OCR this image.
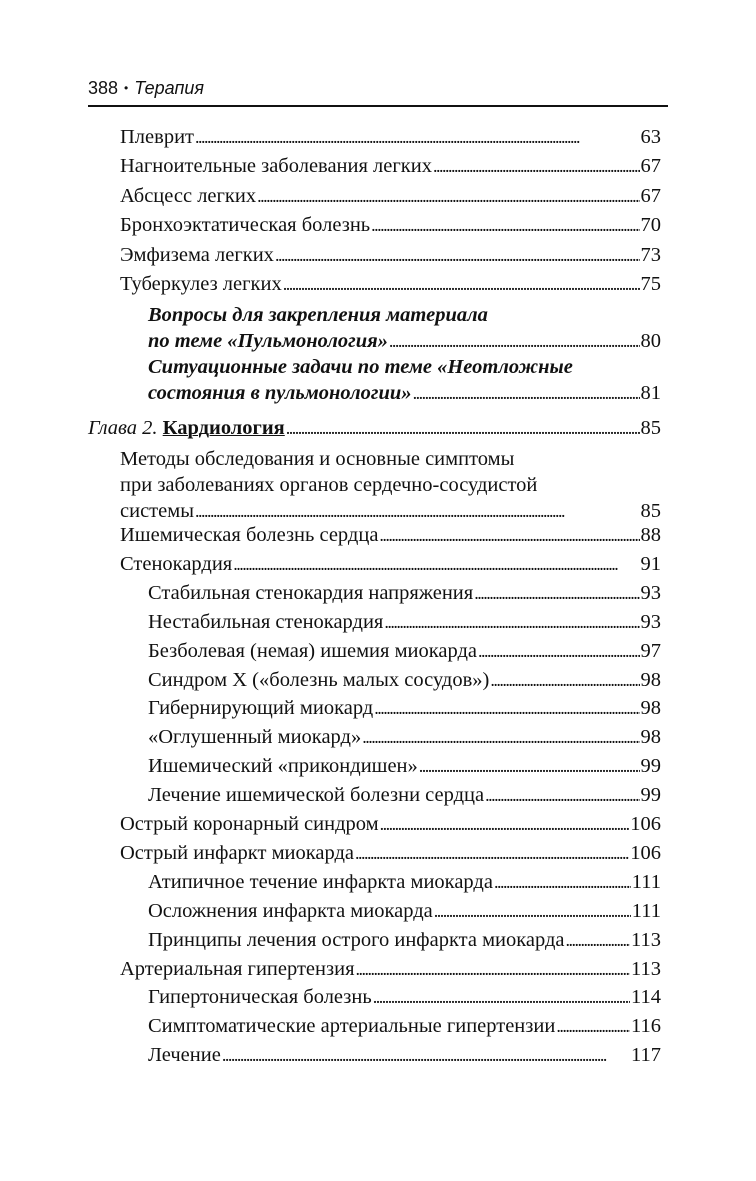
388 • Терапия
Плеврит . . .	63
Нагноительные заболевания легких . . .	67
Абсцесс легких . . .	67
Бронхоэктатическая болезнь . . .	70
Эмфизема легких . . .	73
Туберкулез легких . . .	75
Вопросы для закрепления материала
по теме «Пульмонология» . . .	80
Ситуационные задачи по теме «Неотложные
состояния в пульмонологии» . . .	81
Глава 2. Кардиология . . .	85
Методы обследования и основные симптомы
при заболеваниях органов сердечно-сосудистой
системы . . .	85
Ишемическая болезнь сердца . . .	88
Стенокардия . . .	91
Стабильная стенокардия напряжения . . .	93
Нестабильная стенокардия . . .	93
Безболевая (немая) ишемия миокарда . . .	97
Синдром X («болезнь малых сосудов») . . .	98
Гибернирующий миокард . . .	98
«Оглушенный миокард» . . .	98
Ишемический «прикондишен» . . .	99
Лечение ишемической болезни сердца . . .	99
Острый коронарный синдром . . .	106
Острый инфаркт миокарда . . .	106
Атипичное течение инфаркта миокарда . . .	111
Осложнения инфаркта миокарда . . .	111
Принципы лечения острого инфаркта миокарда . . .	113
Артериальная гипертензия . . .	113
Гипертоническая болезнь . . .	114
Симптоматические артериальные гипертензии . . .	116
Лечение . . .	117
